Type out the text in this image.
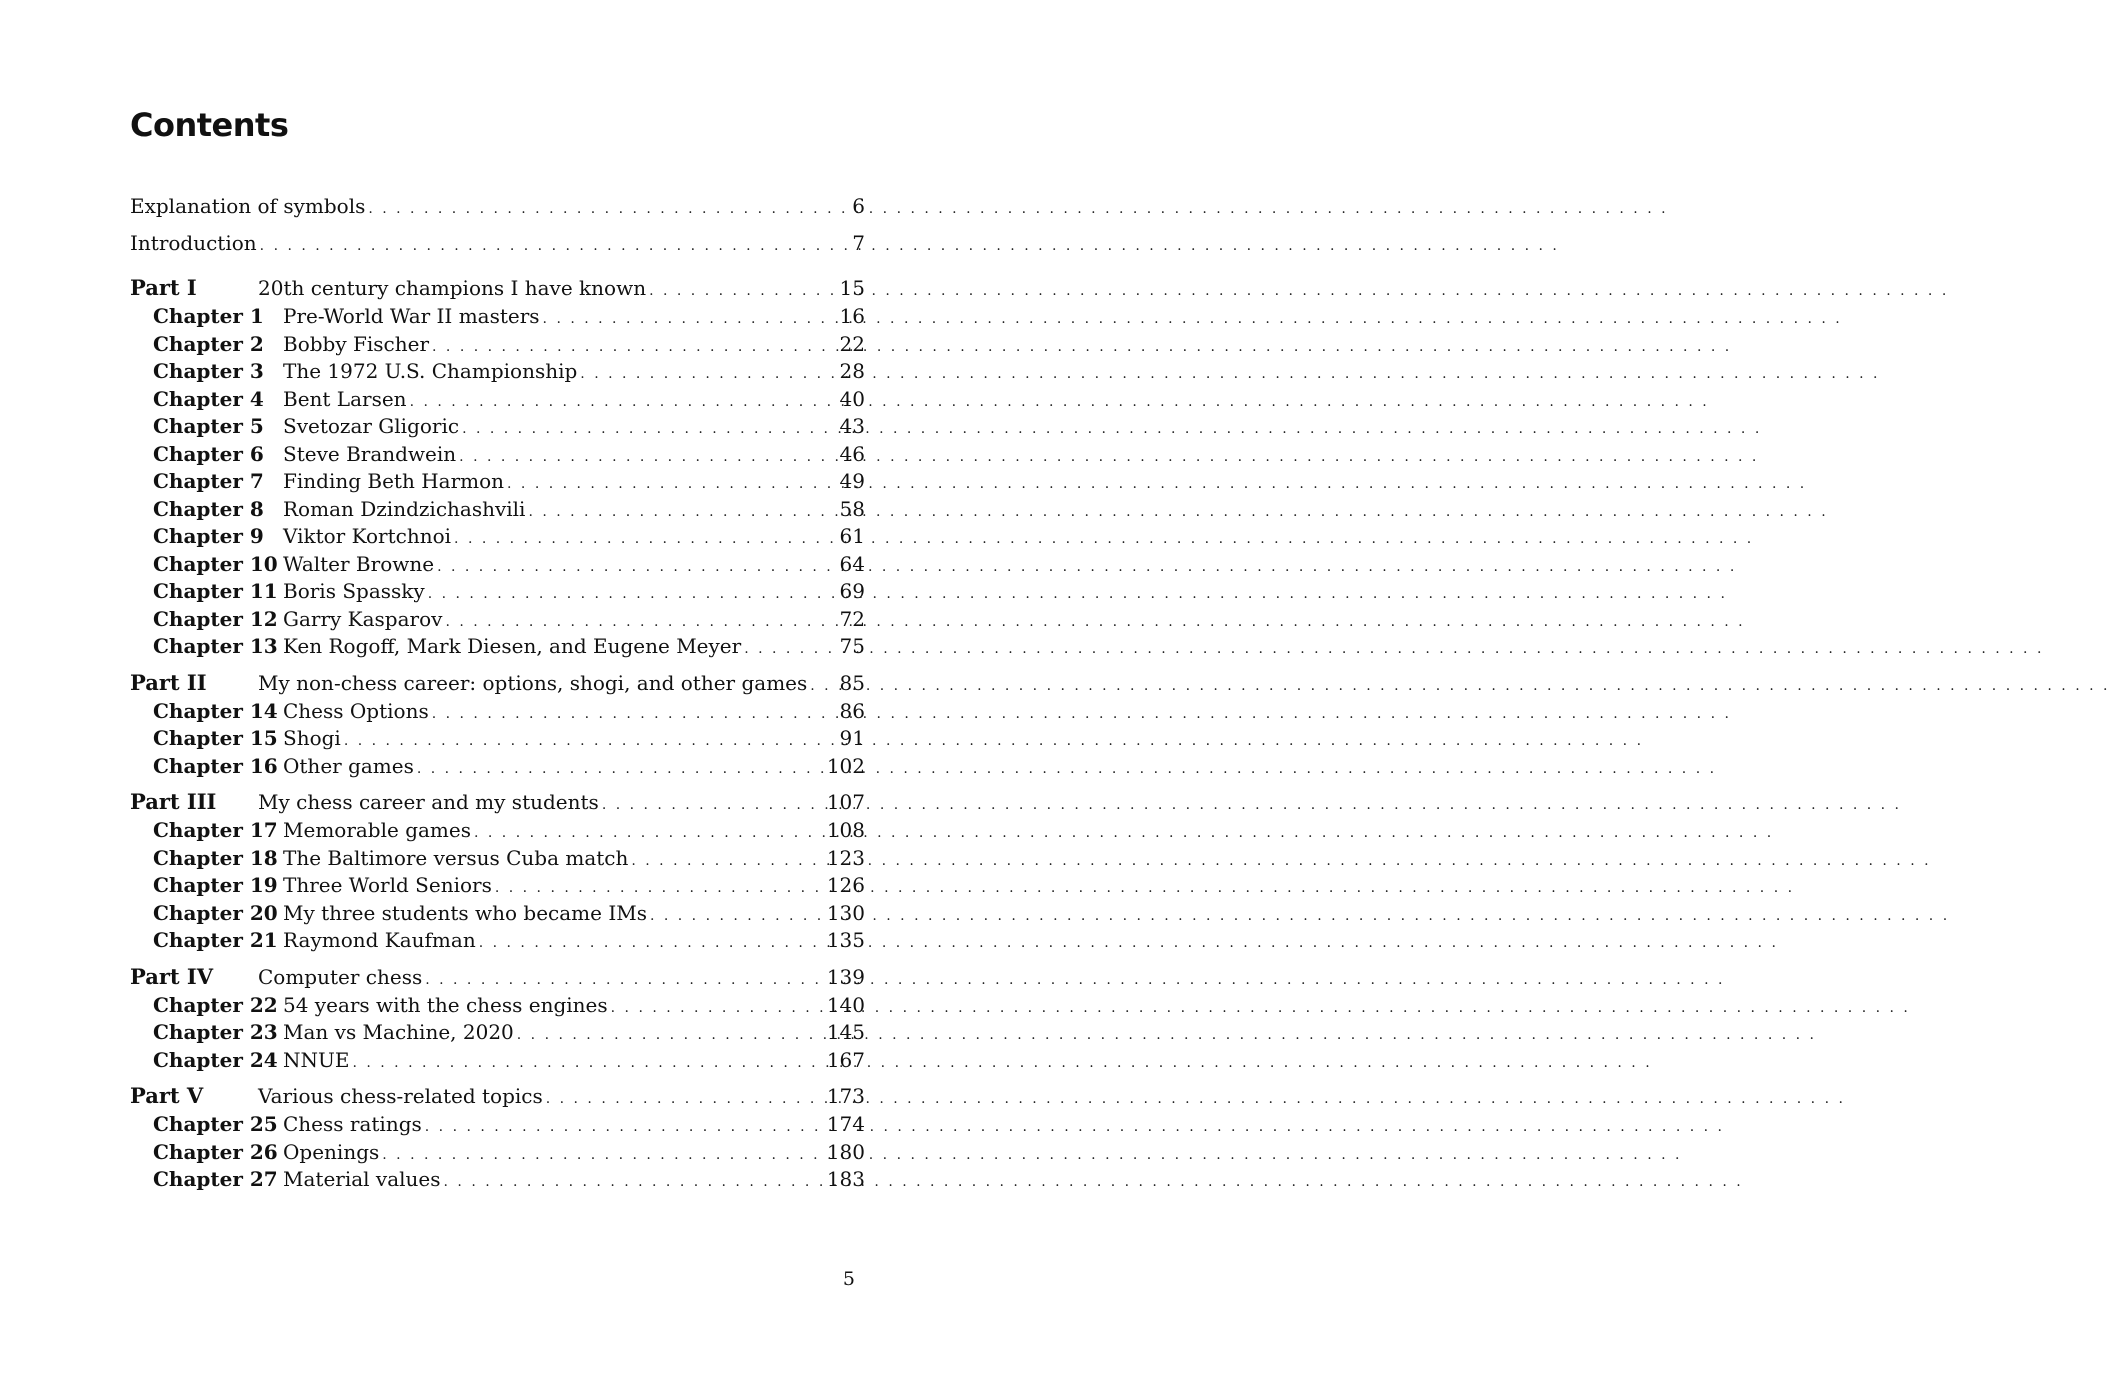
Contents
Explanation of symbols . . .	6
Introduction . . .	7
Part I	20th century champions I have known . . .	15
Chapter 1 Pre-World War II masters . . .	16
Chapter 2 Bobby Fischer . . .	22
Chapter 3 The 1972 U.S. Championship . . .	28
Chapter 4 Bent Larsen . . .	40
Chapter 5 Svetozar Gligoric . . .	43
Chapter 6 Steve Brandwein . . .	46
Chapter 7 Finding Beth Harmon . . .	49
Chapter 8 Roman Dzindzichashvili . . .	58
Chapter 9 Viktor Kortchnoi . . .	61
Chapter 10 Walter Browne . . .	64
Chapter 11 Boris Spassky . . .	69
Chapter 12 Garry Kasparov . . .	72
Chapter 13 Ken Rogoff, Mark Diesen, and Eugene Meyer . . .	75
Part II	My non-chess career: options, shogi, and other games . . . 85
Chapter 14 Chess Options . . .	86
Chapter 15 Shogi . . .	91
Chapter 16 Other games . . .	102
Part III	My chess career and my students . . .	107
Chapter 17 Memorable games . . .	108
Chapter 18 The Baltimore versus Cuba match . . .	123
Chapter 19 Three World Seniors . . .	126
Chapter 20 My three students who became IMs . . .	130
Chapter 21 Raymond Kaufman . . .	135
Part IV	Computer chess . . .	139
Chapter 22 54 years with the chess engines . . .	140
Chapter 23 Man vs Machine, 2020 . . .	145
Chapter 24 NNUE . . .	167
Part V	Various chess-related topics . . .	173
Chapter 25 Chess ratings . . .	174
Chapter 26 Openings . . .	180
Chapter 27 Material values . . .	183
5
